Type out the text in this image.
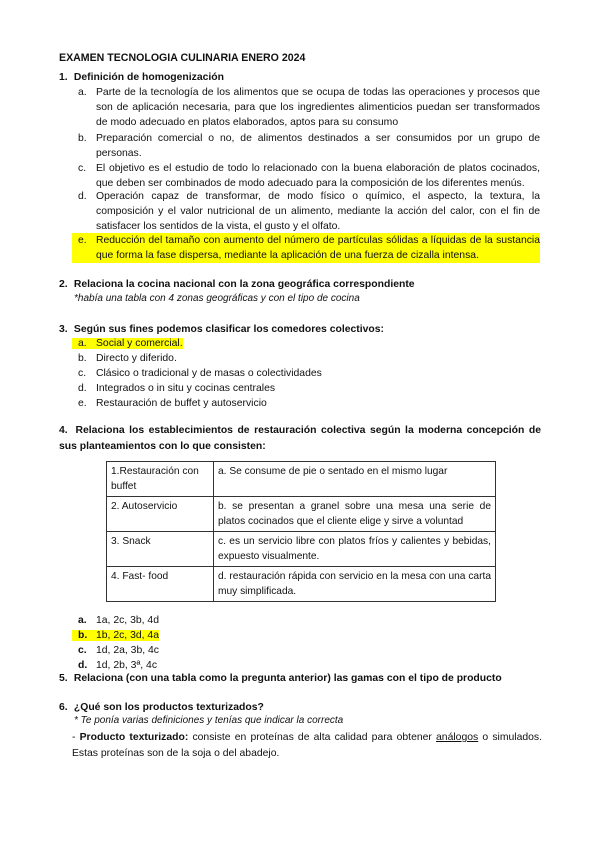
EXAMEN TECNOLOGIA CULINARIA ENERO 2024
1. Definición de homogenización
a. Parte de la tecnología de los alimentos que se ocupa de todas las operaciones y procesos que son de aplicación necesaria, para que los ingredientes alimenticios puedan ser transformados de modo adecuado en platos elaborados, aptos para su consumo
b. Preparación comercial o no, de alimentos destinados a ser consumidos por un grupo de personas.
c. El objetivo es el estudio de todo lo relacionado con la buena elaboración de platos cocinados, que deben ser combinados de modo adecuado para la composición de los diferentes menús.
d. Operación capaz de transformar, de modo físico o químico, el aspecto, la textura, la composición y el valor nutricional de un alimento, mediante la acción del calor, con el fin de satisfacer los sentidos de la vista, el gusto y el olfato.
e. Reducción del tamaño con aumento del número de partículas sólidas a líquidas de la sustancia que forma la fase dispersa, mediante la aplicación de una fuerza de cizalla intensa.
2. Relaciona la cocina nacional con la zona geográfica correspondiente
*había una tabla con 4 zonas geográficas y con el tipo de cocina
3. Según sus fines podemos clasificar los comedores colectivos:
a. Social y comercial.
b. Directo y diferido.
c. Clásico o tradicional y de masas o colectividades
d. Integrados o in situ y cocinas centrales
e. Restauración de buffet y autoservicio
4. Relaciona los establecimientos de restauración colectiva según la moderna concepción de sus planteamientos con lo que consisten:
1.Restauración con buffet	a. Se consume de pie o sentado en el mismo lugar
2. Autoservicio	b. se presentan a granel sobre una mesa una serie de platos cocinados que el cliente elige y sirve a voluntad
3. Snack	c. es un servicio libre con platos fríos y calientes y bebidas, expuesto visualmente.
4. Fast- food	d. restauración rápida con servicio en la mesa con una carta muy simplificada.
a. 1a, 2c, 3b, 4d
b. 1b, 2c, 3d, 4a
c. 1d, 2a, 3b, 4c
d. 1d, 2b, 3ª, 4c
5. Relaciona (con una tabla como la pregunta anterior) las gamas con el tipo de producto
6. ¿Qué son los productos texturizados?
* Te ponía varias definiciones y tenías que indicar la correcta
- Producto texturizado: consiste en proteínas de alta calidad para obtener análogos o simulados. Estas proteínas son de la soja o del abadejo.
